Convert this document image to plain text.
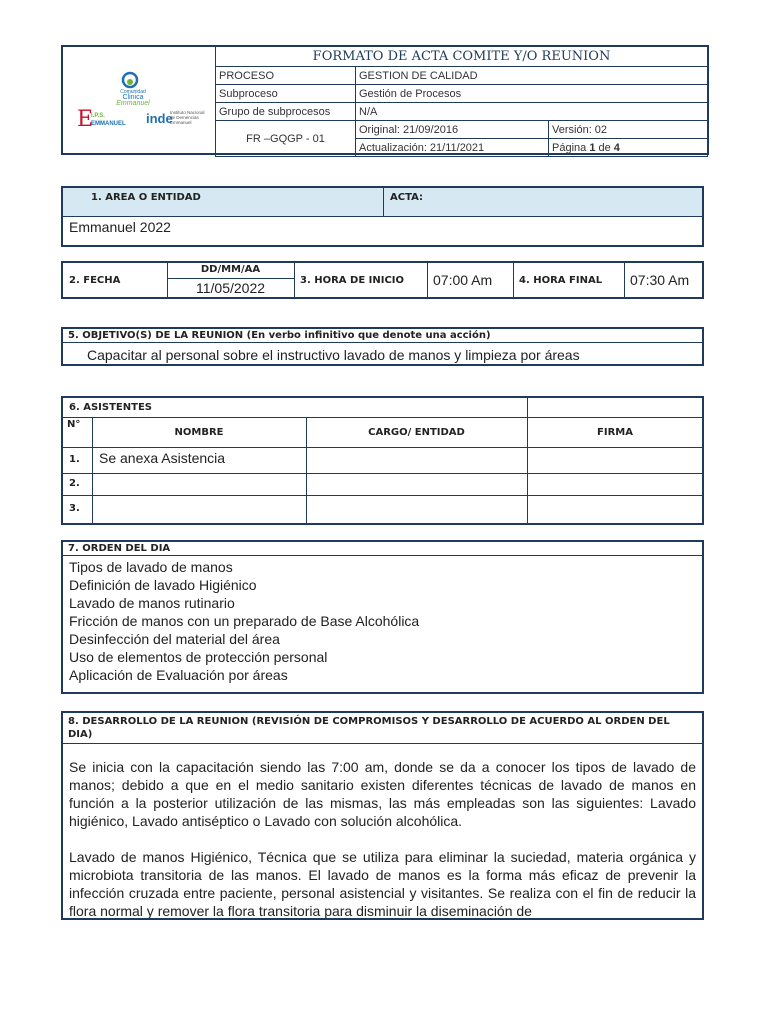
Comunidad
Clinica
Emmanuel
E
I.P.S.
EMMANUEL inde
Instituto Nacional de Demencias Emmanuel
FORMATO DE ACTA COMITE Y/O REUNION
PROCESO	GESTION DE CALIDAD	
Subproceso	Gestión de Procesos	
Grupo de subprocesos	N/A	
FR –GQGP - 01	Original: 21/09/2016	Versión: 02
	Actualización: 21/11/2021	Página 1 de 4
1. AREA O ENTIDAD	ACTA:
Emmanuel 2022
2. FECHA
DD/MM/AA
11/05/2022	3. HORA DE INICIO 07:00 Am	4. HORA FINAL 07:30 Am
5. OBJETIVO(S) DE LA REUNION (En verbo infinitivo que denote una acción)
Capacitar al personal sobre el instructivo lavado de manos y limpieza por áreas
6. ASISTENTES
N°
NOMBRE	CARGO/ ENTIDAD	FIRMA
1. Se anexa Asistencia
2.
3.
7. ORDEN DEL DIA
Tipos de lavado de manos
Definición de lavado Higiénico
Lavado de manos rutinario
Fricción de manos con un preparado de Base Alcohólica
Desinfección del material del área
Uso de elementos de protección personal
Aplicación de Evaluación por áreas
8. DESARROLLO DE LA REUNION (REVISIÓN DE COMPROMISOS Y DESARROLLO DE ACUERDO AL ORDEN DEL DIA)

Se inicia con la capacitación siendo las 7:00 am, donde se da a conocer los tipos de lavado de manos; debido a que en el medio sanitario existen diferentes técnicas de lavado de manos en función a la posterior utilización de las mismas, las más empleadas son las siguientes: Lavado higiénico, Lavado antiséptico o Lavado con solución alcohólica.

Lavado de manos Higiénico, Técnica que se utiliza para eliminar la suciedad, materia orgánica y microbiota transitoria de las manos. El lavado de manos es la forma más eficaz de prevenir la infección cruzada entre paciente, personal asistencial y visitantes. Se realiza con el fin de reducir la flora normal y remover la flora transitoria para disminuir la diseminación de
